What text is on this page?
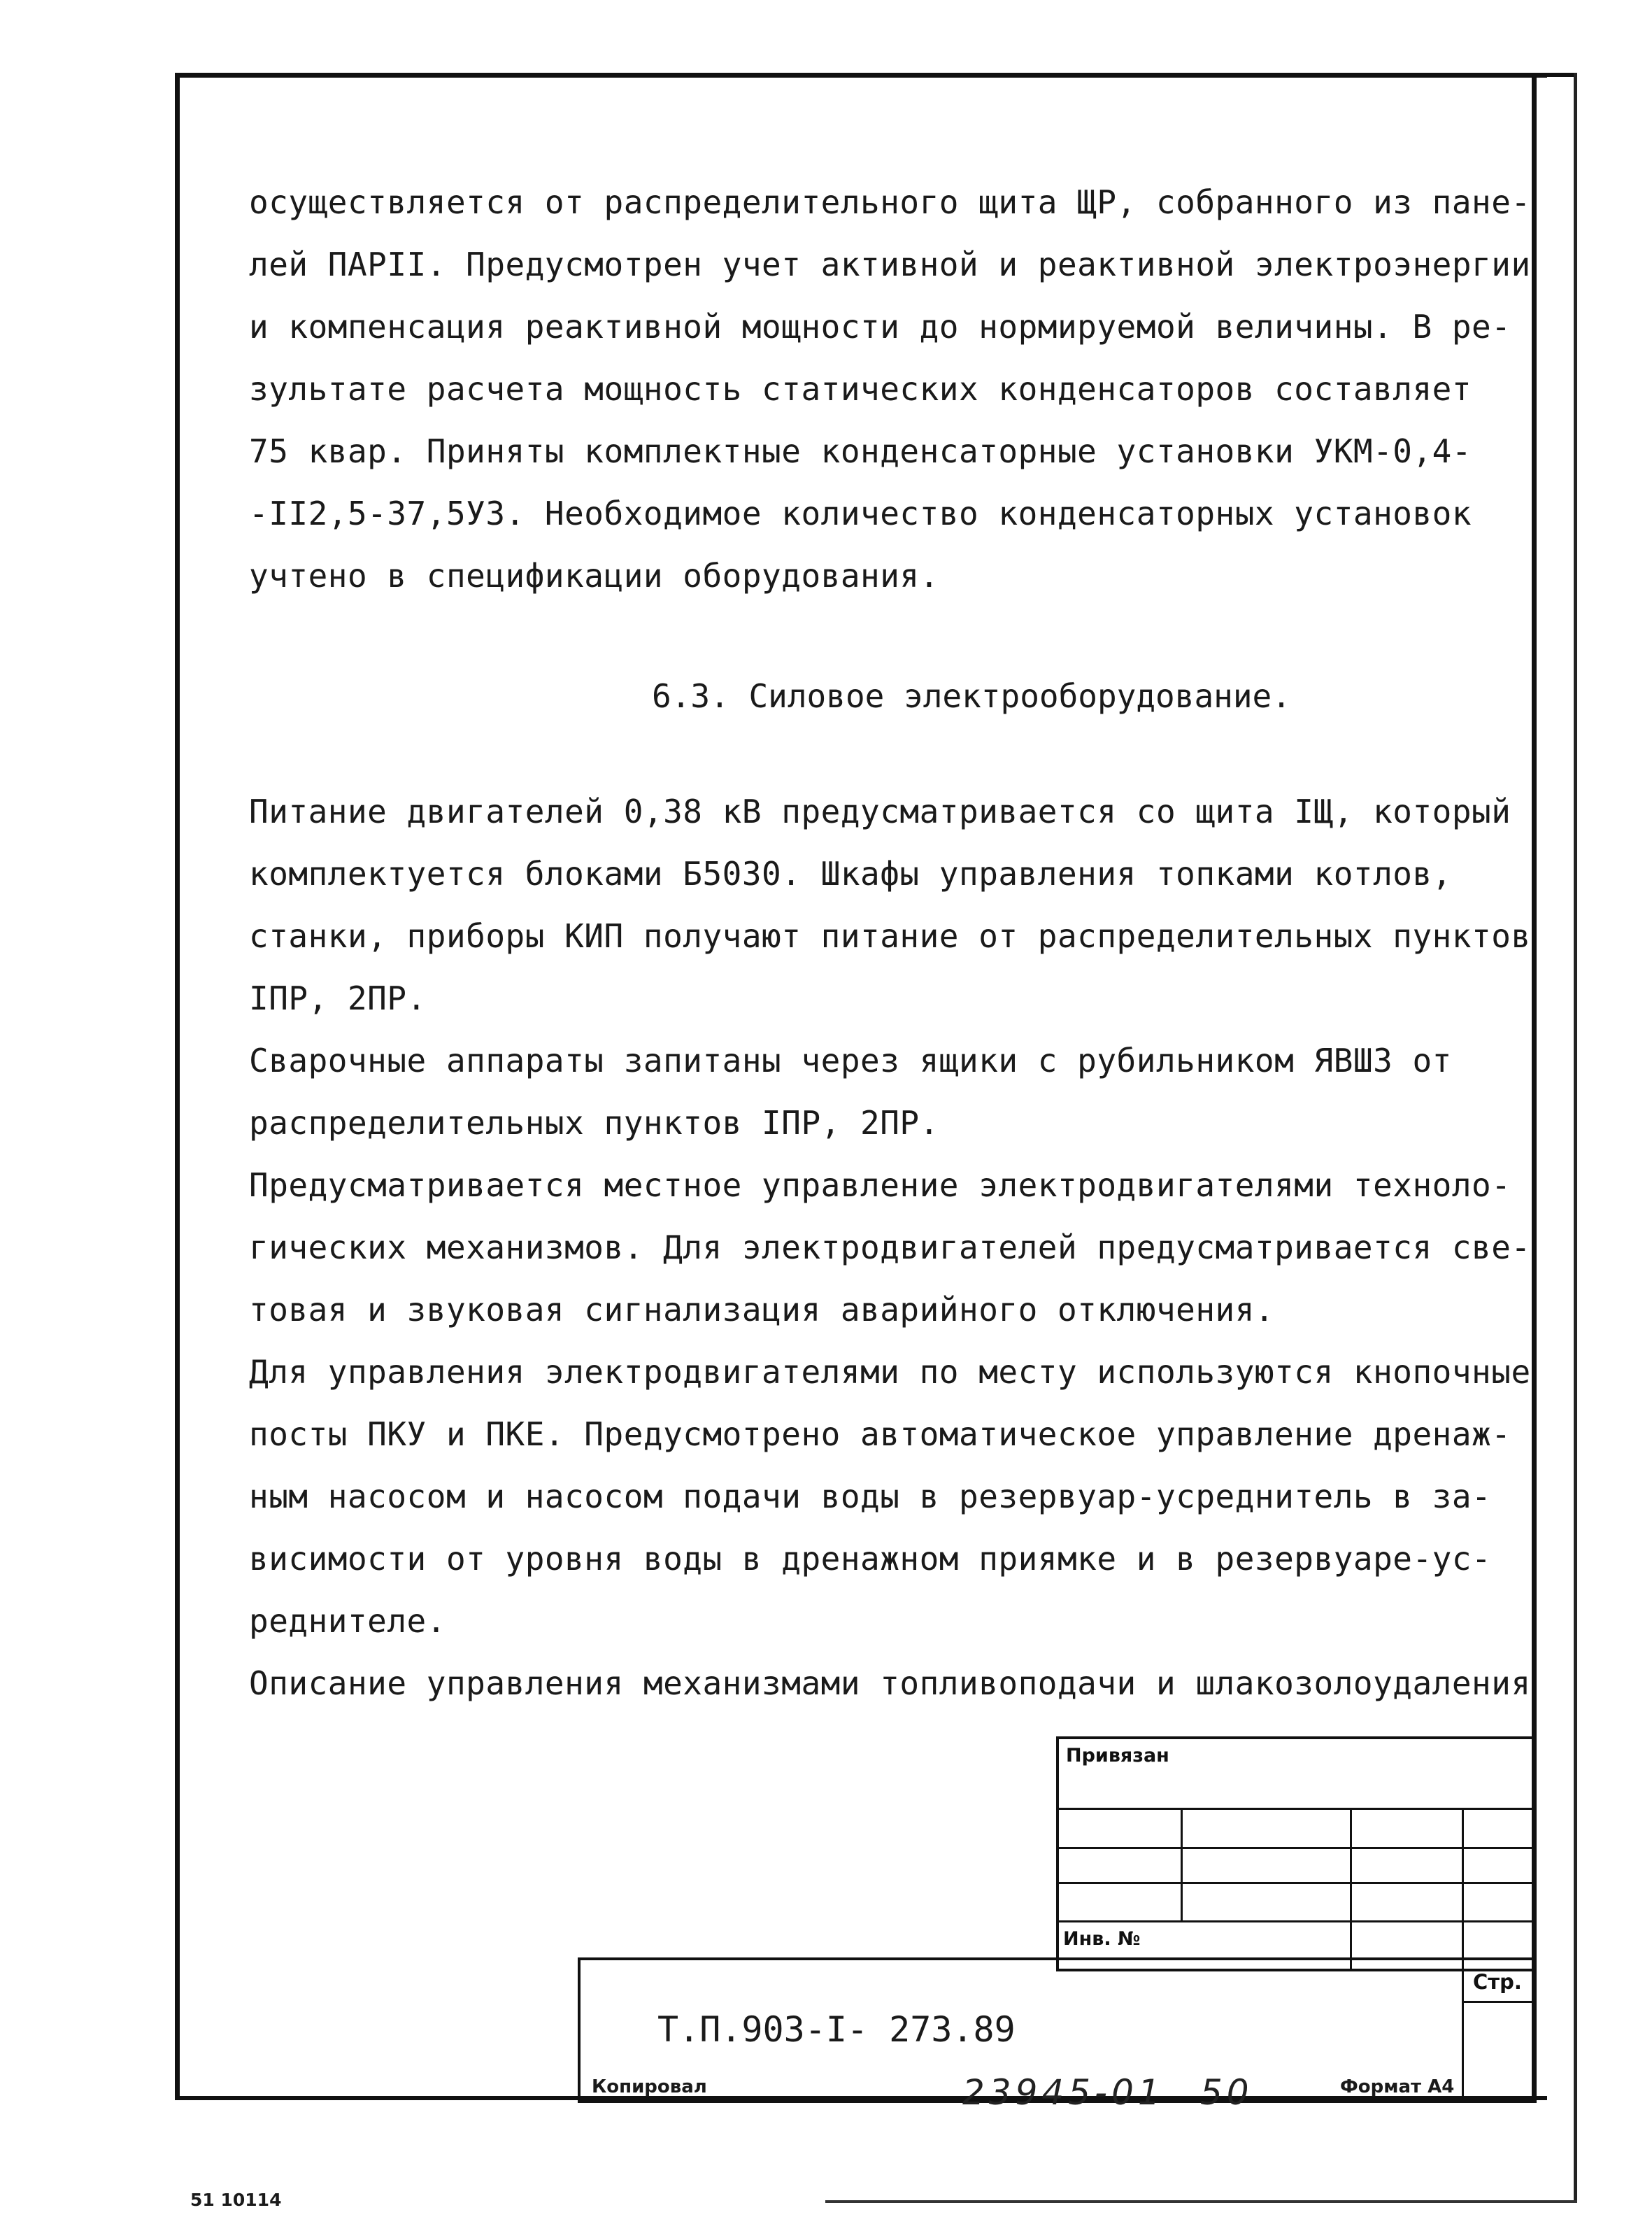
осуществляется от распределительного щита ЩР, собранного из пане-
лей ПАРII. Предусмотрен учет активной и реактивной электроэнергии
и компенсация реактивной мощности до нормируемой величины. В ре-
зультате расчета мощность статических конденсаторов составляет
75 квар. Приняты комплектные конденсаторные установки УКМ-0,4-
-II2,5-37,5УЗ. Необходимое количество конденсаторных установок
учтено в спецификации оборудования.
6.3. Силовое электрооборудование.
Питание двигателей 0,38 кВ предусматривается со щита IЩ, который
комплектуется блоками Б5030. Шкафы управления топками котлов,
станки, приборы КИП получают питание от распределительных пунктов
IПР, 2ПР.
Сварочные аппараты запитаны через ящики с рубильником ЯВШЗ от
распределительных пунктов IПР, 2ПР.
Предусматривается местное управление электродвигателями техноло-
гических механизмов. Для электродвигателей предусматривается све-
товая и звуковая сигнализация аварийного отключения.
Для управления электродвигателями по месту используются кнопочные
посты ПКУ и ПКЕ. Предусмотрено автоматическое управление дренаж-
ным насосом и насосом подачи воды в резервуар-усреднитель в за-
висимости от уровня воды в дренажном приямке и в резервуаре-ус-
реднителе.
Описание управления механизмами топливоподачи и шлакозолоудаления
Привязан
Инв. №
Стр.
Т.П.903-I- 273.89
Копировал	23945-01 50	Формат А4
51 10114
